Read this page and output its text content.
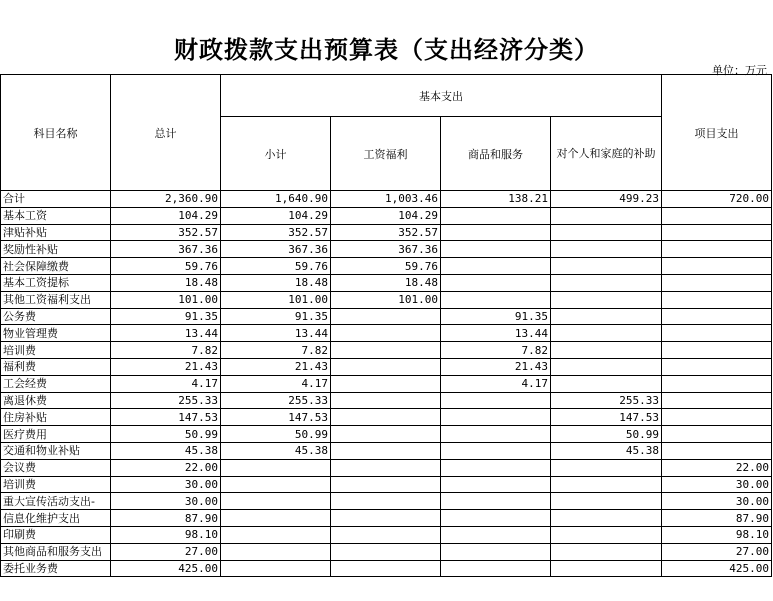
财政拨款支出预算表（支出经济分类）
单位：万元
科目名称	总计	基本支出				项目支出
		小计	工资福利	商品和服务	对个人和家庭的补助	
合计	2,360.90	1,640.90	1,003.46	138.21	499.23	720.00
基本工资	104.29	104.29	104.29			
津贴补贴	352.57	352.57	352.57			
奖励性补贴	367.36	367.36	367.36			
社会保障缴费	59.76	59.76	59.76			
基本工资提标	18.48	18.48	18.48			
其他工资福利支出	101.00	101.00	101.00			
公务费	91.35	91.35		91.35		
物业管理费	13.44	13.44		13.44		
培训费	7.82	7.82		7.82		
福利费	21.43	21.43		21.43		
工会经费	4.17	4.17		4.17		
离退休费	255.33	255.33			255.33	
住房补贴	147.53	147.53			147.53	
医疗费用	50.99	50.99			50.99	
交通和物业补贴	45.38	45.38			45.38	
会议费	22.00					22.00
培训费	30.00					30.00
重大宣传活动支出-	30.00					30.00
信息化维护支出	87.90					87.90
印刷费	98.10					98.10
其他商品和服务支出	27.00					27.00
委托业务费	425.00					425.00
